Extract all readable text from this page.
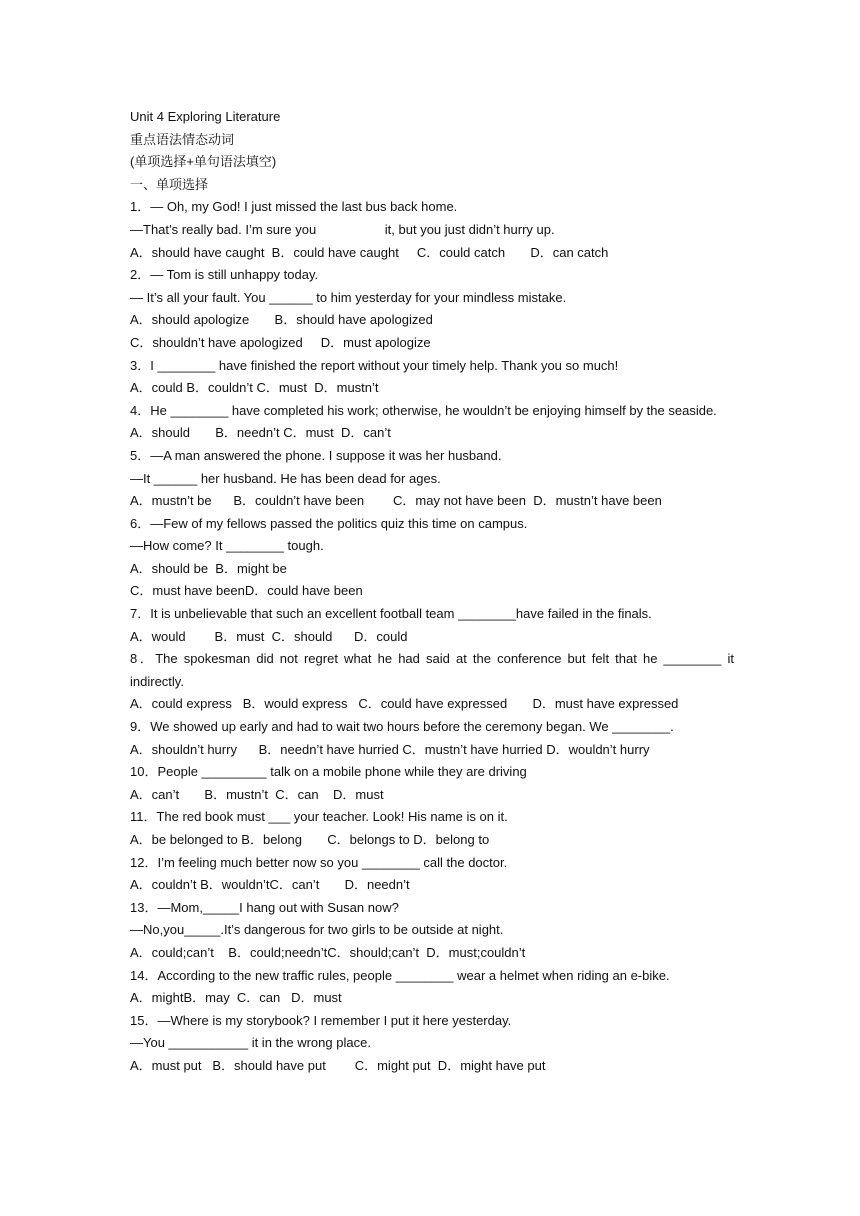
Unit 4 Exploring Literature
重点语法情态动词
(单项选择+单句语法填空)
一、单项选择
1．— Oh, my God! I just missed the last bus back home.
—That’s really bad. I’m sure you                   it, but you just didn’t hurry up.
A．should have caught  B．could have caught     C．could catch       D．can catch
2．— Tom is still unhappy today.
— It’s all your fault. You ______ to him yesterday for your mindless mistake.
A．should apologize       B．should have apologized
C．shouldn’t have apologized     D．must apologize
3．I ________ have finished the report without your timely help. Thank you so much!
A．could B．couldn’t C．must  D．mustn’t
4．He ________ have completed his work; otherwise, he wouldn’t be enjoying himself by the seaside.
A．should       B．needn’t C．must  D．can’t
5．—A man answered the phone. I suppose it was her husband.
—It ______ her husband. He has been dead for ages.
A．mustn’t be      B．couldn’t have been        C．may not have been  D．mustn’t have been
6．—Few of my fellows passed the politics quiz this time on campus.
—How come? It ________ tough.
A．should be  B．might be
C．must have beenD．could have been
7．It is unbelievable that such an excellent football team ________have failed in the finals.
A．would        B．must  C．should      D．could
8．The spokesman did not regret what he had said at the conference but felt that he ________ it indirectly.
A．could express   B．would express   C．could have expressed       D．must have expressed
9．We showed up early and had to wait two hours before the ceremony began. We ________.
A．shouldn’t hurry      B．needn’t have hurried C．mustn’t have hurried D．wouldn’t hurry
10．People _________ talk on a mobile phone while they are driving
A．can’t       B．mustn’t  C．can    D．must
11．The red book must ___ your teacher. Look! His name is on it.
A．be belonged to B．belong       C．belongs to D．belong to
12．I’m feeling much better now so you ________ call the doctor.
A．couldn’t B．wouldn’tC．can’t       D．needn’t
13．—Mom,_____I hang out with Susan now?
—No,you_____.It’s dangerous for two girls to be outside at night.
A．could;can’t    B．could;needn’tC．should;can’t  D．must;couldn’t
14．According to the new traffic rules, people ________ wear a helmet when riding an e-bike.
A．mightB．may  C．can   D．must
15．—Where is my storybook? I remember I put it here yesterday.
—You ___________ it in the wrong place.
A．must put   B．should have put        C．might put  D．might have put
